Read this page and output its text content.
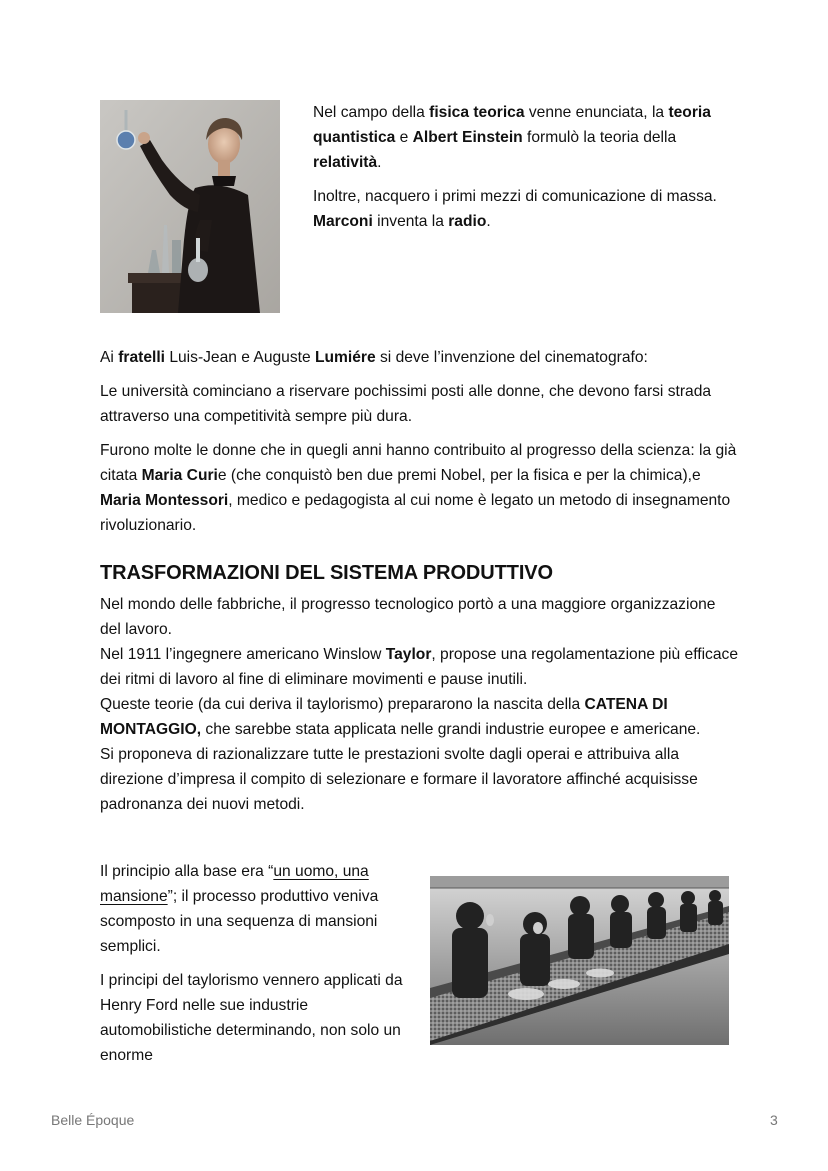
Nel campo della fisica teorica venne enunciata, la teoria quantistica e Albert Einstein formulò la teoria della relatività.

Inoltre, nacquero i primi mezzi di comunicazione di massa.
Marconi inventa la radio.

Ai fratelli Luis-Jean e Auguste Lumiére si deve l’invenzione del cinematografo:

Le università cominciano a riservare pochissimi posti alle donne, che devono farsi strada attraverso una competitività sempre più dura.

Furono molte le donne che in quegli anni hanno contribuito al progresso della scienza: la già citata Maria Curie (che conquistò ben due premi Nobel, per la fisica e per la chimica),e Maria Montessori, medico e pedagogista al cui nome è legato un metodo di insegnamento rivoluzionario.

TRASFORMAZIONI DEL SISTEMA PRODUTTIVO

Nel mondo delle fabbriche, il progresso tecnologico portò a una maggiore organizzazione del lavoro.

Nel 1911 l’ingegnere americano Winslow Taylor, propose una regolamentazione più efficace dei ritmi di lavoro al fine di eliminare movimenti e pause inutili.

Queste teorie (da cui deriva il taylorismo) prepararono la nascita della CATENA DI MONTAGGIO, che sarebbe stata applicata nelle grandi industrie europee e americane.

Si proponeva di razionalizzare tutte le prestazioni svolte dagli operai e attribuiva alla direzione d’impresa il compito di selezionare e formare il lavoratore affinché acquisisse padronanza dei nuovi metodi.

Il principio alla base era “un uomo, una mansione”; il processo produttivo veniva scomposto in una sequenza di mansioni semplici.

I principi del taylorismo vennero applicati da Henry Ford nelle sue industrie automobilistiche determinando, non solo un enorme

Belle Époque	3
